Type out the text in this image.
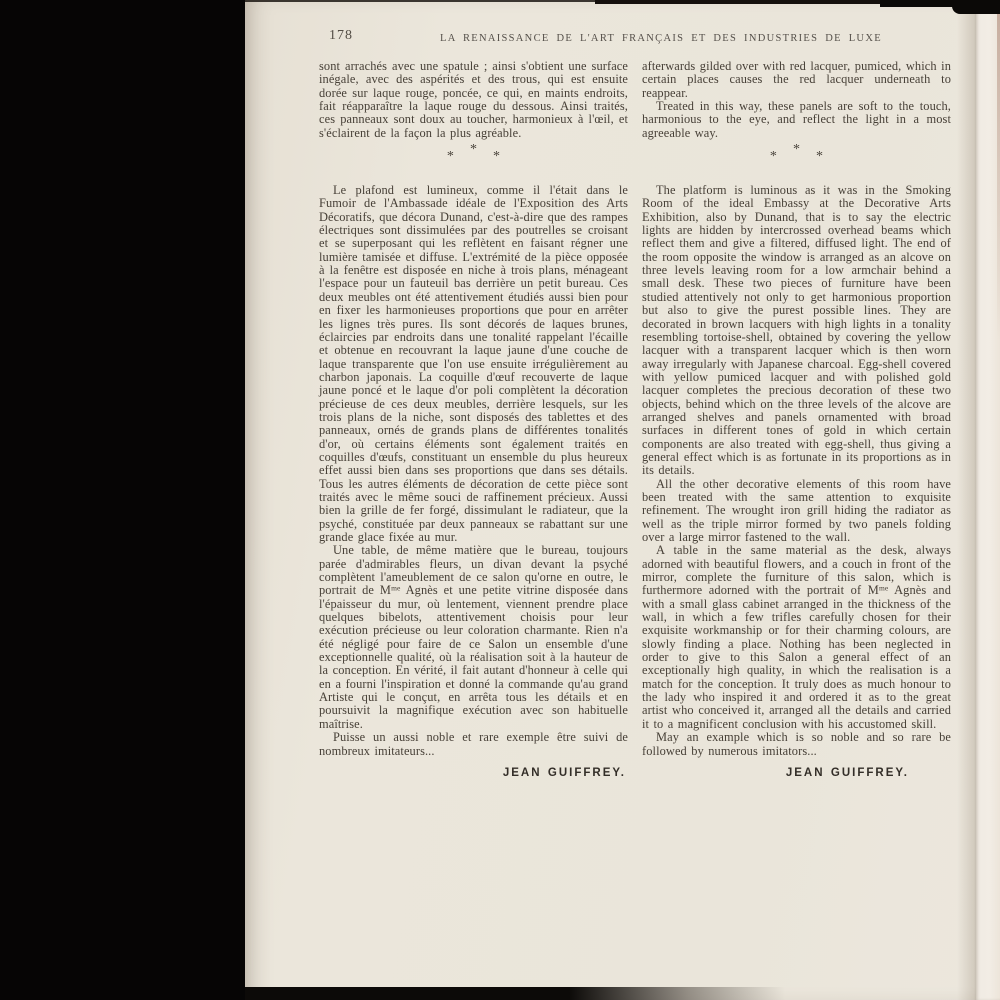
178	LA RENAISSANCE DE L'ART FRANÇAIS ET DES INDUSTRIES DE LUXE

sont arrachés avec une spatule ; ainsi s'obtient une surface inégale, avec des aspérités et des trous, qui est ensuite dorée sur laque rouge, poncée, ce qui, en maints endroits, fait réapparaître la laque rouge du dessous. Ainsi traités, ces panneaux sont doux au toucher, harmonieux à l'œil, et s'éclairent de la façon la plus agréable.

* * *

Le plafond est lumineux, comme il l'était dans le Fumoir de l'Ambassade idéale de l'Exposition des Arts Décoratifs, que décora Dunand, c'est-à-dire que des rampes électriques sont dissimulées par des poutrelles se croisant et se superposant qui les reflètent en faisant régner une lumière tamisée et diffuse. L'extrémité de la pièce opposée à la fenêtre est disposée en niche à trois plans, ménageant l'espace pour un fauteuil bas derrière un petit bureau. Ces deux meubles ont été attentivement étudiés aussi bien pour en fixer les harmonieuses proportions que pour en arrêter les lignes très pures. Ils sont décorés de laques brunes, éclaircies par endroits dans une tonalité rappelant l'écaille et obtenue en recouvrant la laque jaune d'une couche de laque transparente que l'on use ensuite irrégulièrement au charbon japonais. La coquille d'œuf recouverte de laque jaune poncé et le laque d'or poli complètent la décoration précieuse de ces deux meubles, derrière lesquels, sur les trois plans de la niche, sont disposés des tablettes et des panneaux, ornés de grands plans de différentes tonalités d'or, où certains éléments sont également traités en coquilles d'œufs, constituant un ensemble du plus heureux effet aussi bien dans ses proportions que dans ses détails. Tous les autres éléments de décoration de cette pièce sont traités avec le même souci de raffinement précieux. Aussi bien la grille de fer forgé, dissimulant le radiateur, que la psyché, constituée par deux panneaux se rabattant sur une grande glace fixée au mur.

Une table, de même matière que le bureau, toujours parée d'admirables fleurs, un divan devant la psyché complètent l'ameublement de ce salon qu'orne en outre, le portrait de Mᵐᵉ Agnès et une petite vitrine disposée dans l'épaisseur du mur, où lentement, viennent prendre place quelques bibelots, attentivement choisis pour leur exécution précieuse ou leur coloration charmante. Rien n'a été négligé pour faire de ce Salon un ensemble d'une exceptionnelle qualité, où la réalisation soit à la hauteur de la conception. En vérité, il fait autant d'honneur à celle qui en a fourni l'inspiration et donné la commande qu'au grand Artiste qui le conçut, en arrêta tous les détails et en poursuivit la magnifique exécution avec son habituelle maîtrise.

Puisse un aussi noble et rare exemple être suivi de nombreux imitateurs...

JEAN GUIFFREY.

afterwards gilded over with red lacquer, pumiced, which in certain places causes the red lacquer underneath to reappear.

Treated in this way, these panels are soft to the touch, harmonious to the eye, and reflect the light in a most agreeable way.

* * *

The platform is luminous as it was in the Smoking Room of the ideal Embassy at the Decorative Arts Exhibition, also by Dunand, that is to say the electric lights are hidden by intercrossed overhead beams which reflect them and give a filtered, diffused light. The end of the room opposite the window is arranged as an alcove on three levels leaving room for a low armchair behind a small desk. These two pieces of furniture have been studied attentively not only to get harmonious proportion but also to give the purest possible lines. They are decorated in brown lacquers with high lights in a tonality resembling tortoise-shell, obtained by covering the yellow lacquer with a transparent lacquer which is then worn away irregularly with Japanese charcoal. Egg-shell covered with yellow pumiced lacquer and with polished gold lacquer completes the precious decoration of these two objects, behind which on the three levels of the alcove are arranged shelves and panels ornamented with broad surfaces in different tones of gold in which certain components are also treated with egg-shell, thus giving a general effect which is as fortunate in its proportions as in its details.

All the other decorative elements of this room have been treated with the same attention to exquisite refinement. The wrought iron grill hiding the radiator as well as the triple mirror formed by two panels folding over a large mirror fastened to the wall.

A table in the same material as the desk, always adorned with beautiful flowers, and a couch in front of the mirror, complete the furniture of this salon, which is furthermore adorned with the portrait of Mᵐᵉ Agnès and with a small glass cabinet arranged in the thickness of the wall, in which a few trifles carefully chosen for their exquisite workmanship or for their charming colours, are slowly finding a place. Nothing has been neglected in order to give to this Salon a general effect of an exceptionally high quality, in which the realisation is a match for the conception. It truly does as much honour to the lady who inspired it and ordered it as to the great artist who conceived it, arranged all the details and carried it to a magnificent conclusion with his accustomed skill.

May an example which is so noble and so rare be followed by numerous imitators...

JEAN GUIFFREY.
